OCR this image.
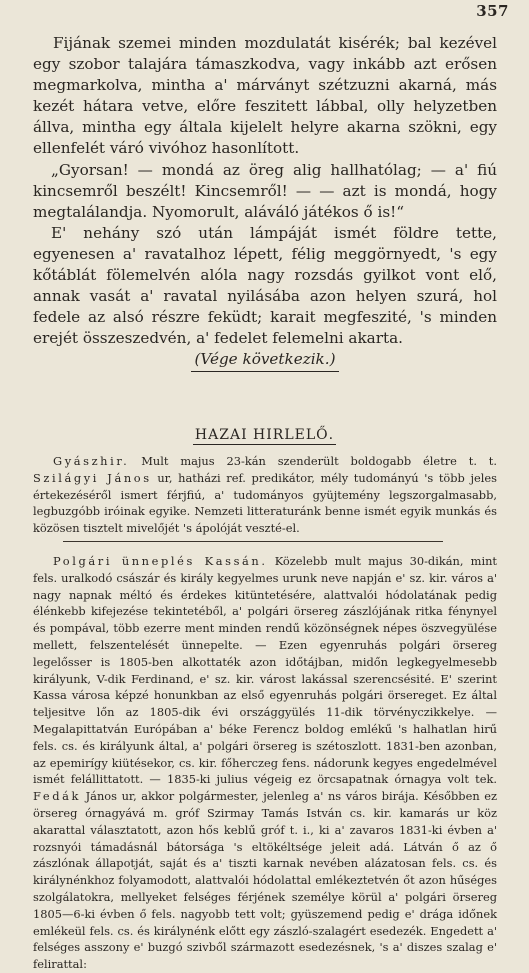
357

Fijának szemei minden mozdulatát kisérék; bal kezével egy szobor talajára támaszkodva, vagy inkább azt erősen megmarkolva, mintha a' márványt szétzuzni akarná, más kezét hátara vetve, előre feszitett lábbal, olly helyzetben állva, mintha egy általa kijelelt helyre akarna szökni, egy ellenfelét váró vivóhoz hasonlított.

„Gyorsan! — mondá az öreg alig hallhatólag; — a' fiú kincsemről beszélt! Kincsemről! — — azt is mondá, hogy megtalálandja. Nyomorult, aláváló játékos ő is!“

E' nehány szó után lámpáját ismét földre tette, egyenesen a' ravatalhoz lépett, félig meggörnyedt, 's egy kőtáblát fölemelvén alóla nagy rozsdás gyilkot vont elő, annak vasát a' ravatal nyilásába azon helyen szurá, hol fedele az alsó részre feküdt; karait megfeszité, 's minden erejét összeszedvén, a' fedelet felemelni akarta.

(Vége következik.)
HAZAI HIRLELŐ.

Gyászhir. Mult majus 23-kán szenderült boldogabb életre t. t. Szilágyi János ur, hatházi ref. predikátor, mély tudományú 's több jeles értekezéséről ismert férjfiú, a' tudományos gyüjtemény legszorgalmasabb, legbuzgóbb iróinak egyike. Nemzeti litteraturánk benne ismét egyik munkás és közösen tisztelt mivelőjét 's ápolóját veszté-el.

Polgári ünneplés Kassán. Közelebb mult majus 30-dikán, mint fels. uralkodó császár és király kegyelmes urunk neve napján e' sz. kir. város a' nagy napnak méltó és érdekes kitüntetésére, alattvalói hódolatának pedig élénkebb kifejezése tekintetéből, a' polgári örsereg zászlójának ritka fénynyel és pompával, több ezerre ment minden rendű közönségnek népes öszvegyülése mellett, felszentelését ünnepelte. — Ezen egyenruhás polgári örsereg legelősser is 1805-ben alkottaték azon időtájban, midőn legkegyelmesebb királyunk, V-dik Ferdinand, e' sz. kir. várost lakással szerencsésité. E' szerint Kassa városa képzé honunkban az első egyenruhás polgári örsereget. Ez által teljesitve lőn az 1805-dik évi országgyülés 11-dik törvényczikkelye. — Megalapittatván Európában a' béke Ferencz boldog emlékű 's halhatlan hirű fels. cs. és királyunk által, a' polgári örsereg is szétoszlott. 1831-ben azonban, az epemirígy kiütésekor, cs. kir. főherczeg fens. nádorunk kegyes engedelmével ismét felállittatott. — 1835-ki julius végeig ez örcsapatnak órnagya volt tek. Fedák János ur, akkor polgármester, jelenleg a' ns város birája. Későbben ez örsereg órnagyává m. gróf Szirmay Tamás István cs. kir. kamarás ur köz akarattal választatott, azon hős keblű gróf t. i., ki a' zavaros 1831-ki évben a' rozsnyói támadásnál bátorsága 's eltökéltsége jeleit adá. Látván ő az ő zászlónak állapotját, saját és a' tiszti karnak nevében alázatosan fels. cs. és királynénkhoz folyamodott, alattvalói hódolattal emlékeztetvén őt azon hűséges szolgálatokra, mellyeket felséges férjének személye körül a' polgári örsereg 1805—6-ki évben ő fels. nagyobb tett volt; gyüszemend pedig e' drága időnek emlékeül fels. cs. és királynénk előtt egy zászló-szalagért esedezék. Engedett a' felséges asszony e' buzgó szivből származott esedezésnek, 's a' diszes szalag e' felirattal:
